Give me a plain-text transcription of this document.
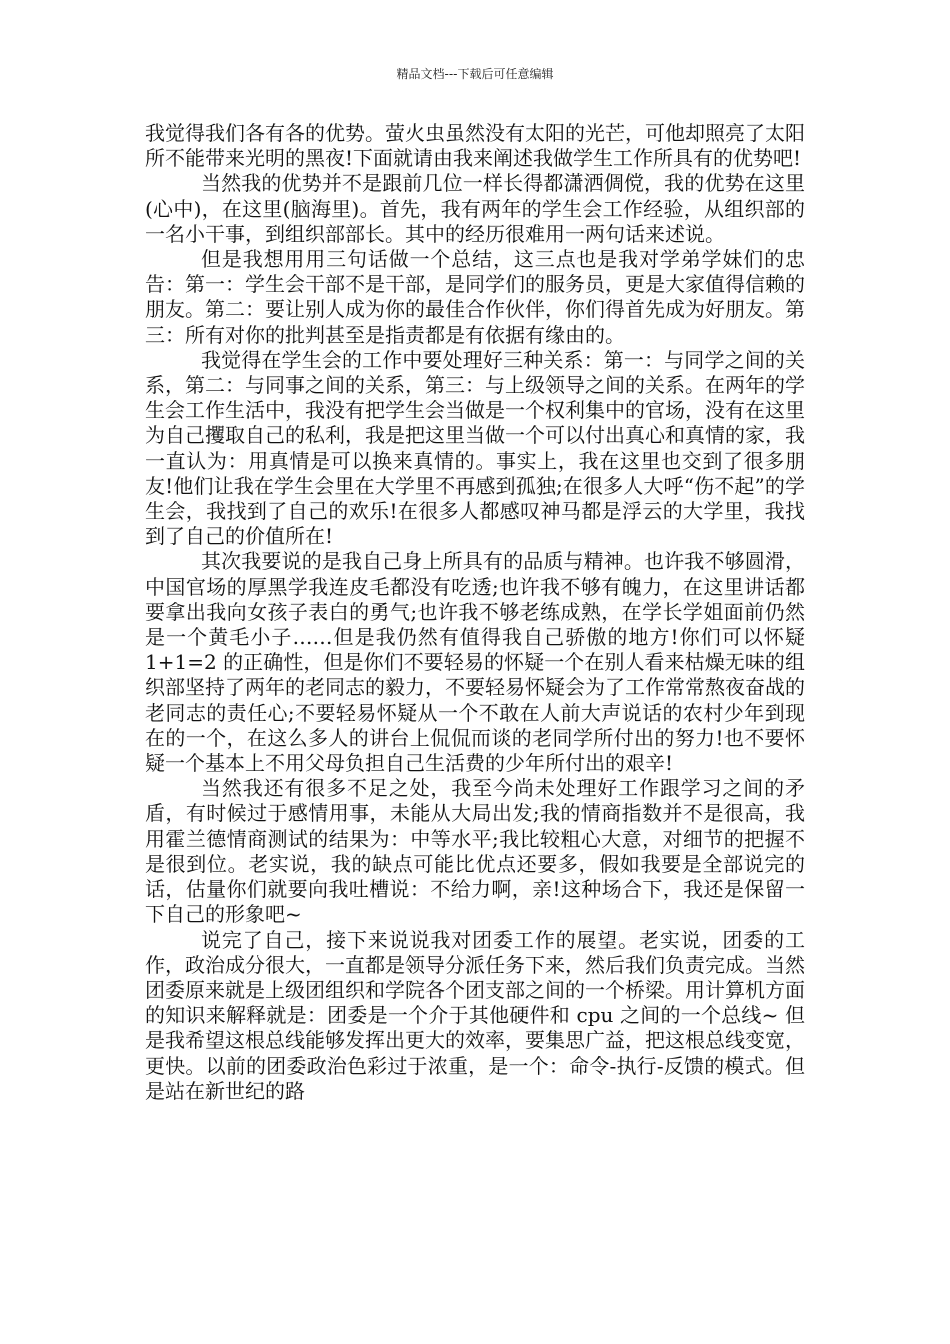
精品文档---下载后可任意编辑

我觉得我们各有各的优势。萤火虫虽然没有太阳的光芒，可他却照亮了太阳所不能带来光明的黑夜!下面就请由我来阐述我做学生工作所具有的优势吧!

当然我的优势并不是跟前几位一样长得都潇洒倜傥，我的优势在这里(心中)，在这里(脑海里)。首先，我有两年的学生会工作经验，从组织部的一名小干事，到组织部部长。其中的经历很难用一两句话来述说。

但是我想用用三句话做一个总结，这三点也是我对学弟学妹们的忠告：第一：学生会干部不是干部，是同学们的服务员，更是大家值得信赖的朋友。第二：要让别人成为你的最佳合作伙伴，你们得首先成为好朋友。第三：所有对你的批判甚至是指责都是有依据有缘由的。

我觉得在学生会的工作中要处理好三种关系：第一：与同学之间的关系，第二：与同事之间的关系，第三：与上级领导之间的关系。在两年的学生会工作生活中，我没有把学生会当做是一个权利集中的官场，没有在这里为自己攫取自己的私利，我是把这里当做一个可以付出真心和真情的家，我一直认为：用真情是可以换来真情的。事实上，我在这里也交到了很多朋友!他们让我在学生会里在大学里不再感到孤独;在很多人大呼“伤不起”的学生会，我找到了自己的欢乐!在很多人都感叹神马都是浮云的大学里，我找到了自己的价值所在!

其次我要说的是我自己身上所具有的品质与精神。也许我不够圆滑，中国官场的厚黑学我连皮毛都没有吃透;也许我不够有魄力，在这里讲话都要拿出我向女孩子表白的勇气;也许我不够老练成熟，在学长学姐面前仍然是一个黄毛小子……但是我仍然有值得我自己骄傲的地方!你们可以怀疑 1+1=2 的正确性，但是你们不要轻易的怀疑一个在别人看来枯燥无味的组织部坚持了两年的老同志的毅力，不要轻易怀疑会为了工作常常熬夜奋战的老同志的责任心;不要轻易怀疑从一个不敢在人前大声说话的农村少年到现在的一个，在这么多人的讲台上侃侃而谈的老同学所付出的努力!也不要怀疑一个基本上不用父母负担自己生活费的少年所付出的艰辛!

当然我还有很多不足之处，我至今尚未处理好工作跟学习之间的矛盾，有时候过于感情用事，未能从大局出发;我的情商指数并不是很高，我用霍兰德情商测试的结果为：中等水平;我比较粗心大意，对细节的把握不是很到位。老实说，我的缺点可能比优点还要多，假如我要是全部说完的话，估量你们就要向我吐槽说：不给力啊，亲!这种场合下，我还是保留一下自己的形象吧~

说完了自己，接下来说说我对团委工作的展望。老实说，团委的工作，政治成分很大，一直都是领导分派任务下来，然后我们负责完成。当然团委原来就是上级团组织和学院各个团支部之间的一个桥梁。用计算机方面的知识来解释就是：团委是一个介于其他硬件和 cpu 之间的一个总线~ 但是我希望这根总线能够发挥出更大的效率，要集思广益，把这根总线变宽，更快。以前的团委政治色彩过于浓重，是一个：命令-执行-反馈的模式。但是站在新世纪的路
